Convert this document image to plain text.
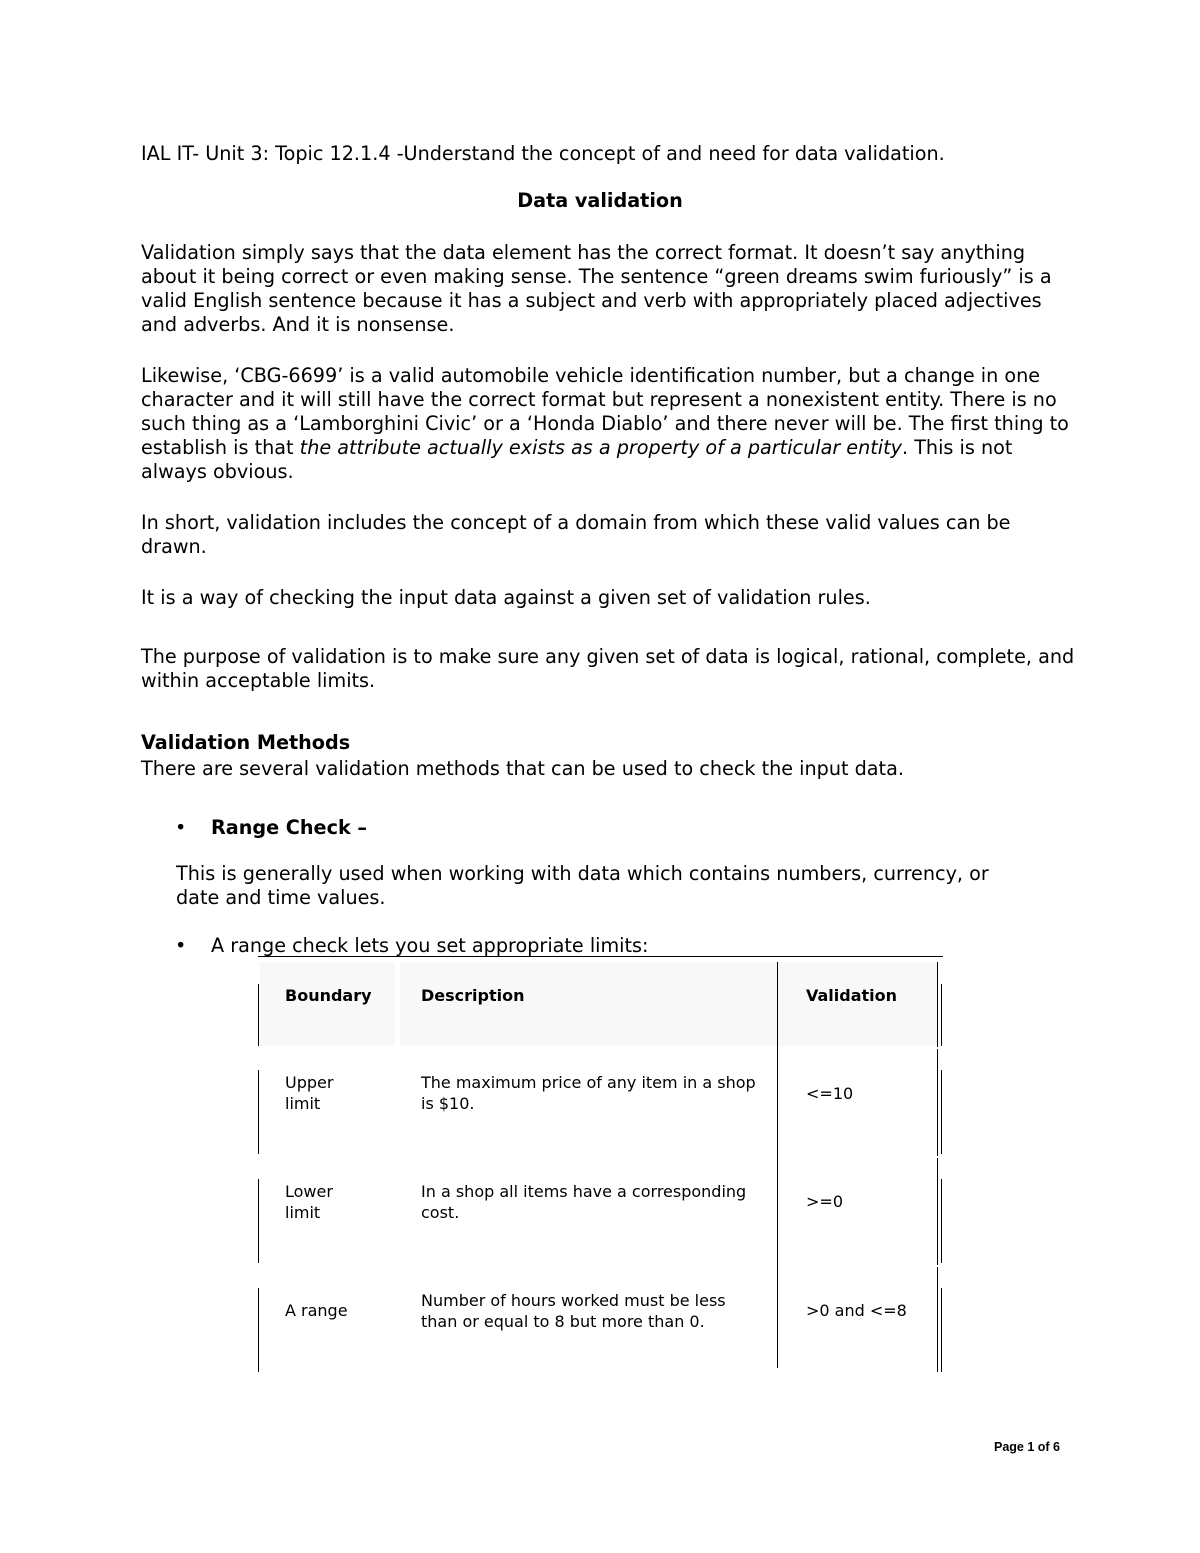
IAL IT- Unit 3: Topic 12.1.4 -Understand the concept of and need for data validation.

Data validation

Validation simply says that the data element has the correct format. It doesn’t say anything about it being correct or even making sense. The sentence “green dreams swim furiously” is a valid English sentence because it has a subject and verb with appropriately placed adjectives and adverbs. And it is nonsense.

Likewise, ‘CBG-6699’ is a valid automobile vehicle identification number, but a change in one character and it will still have the correct format but represent a nonexistent entity. There is no such thing as a ‘Lamborghini Civic’ or a ‘Honda Diablo’ and there never will be. The first thing to establish is that the attribute actually exists as a property of a particular entity. This is not always obvious.

In short, validation includes the concept of a domain from which these valid values can be drawn.

It is a way of checking the input data against a given set of validation rules.

The purpose of validation is to make sure any given set of data is logical, rational, complete, and within acceptable limits.

Validation Methods

There are several validation methods that can be used to check the input data.

• Range Check –

This is generally used when working with data which contains numbers, currency, or date and time values.

• A range check lets you set appropriate limits:
Boundary	Description	Validation
Upper
limit
The maximum price of any item in a shop
is $10.
<=10
Lower
limit
In a shop all items have a corresponding
cost.
>=0
A range
Number of hours worked must be less
than or equal to 8 but more than 0.
>0 and <=8
Page 1 of 6
